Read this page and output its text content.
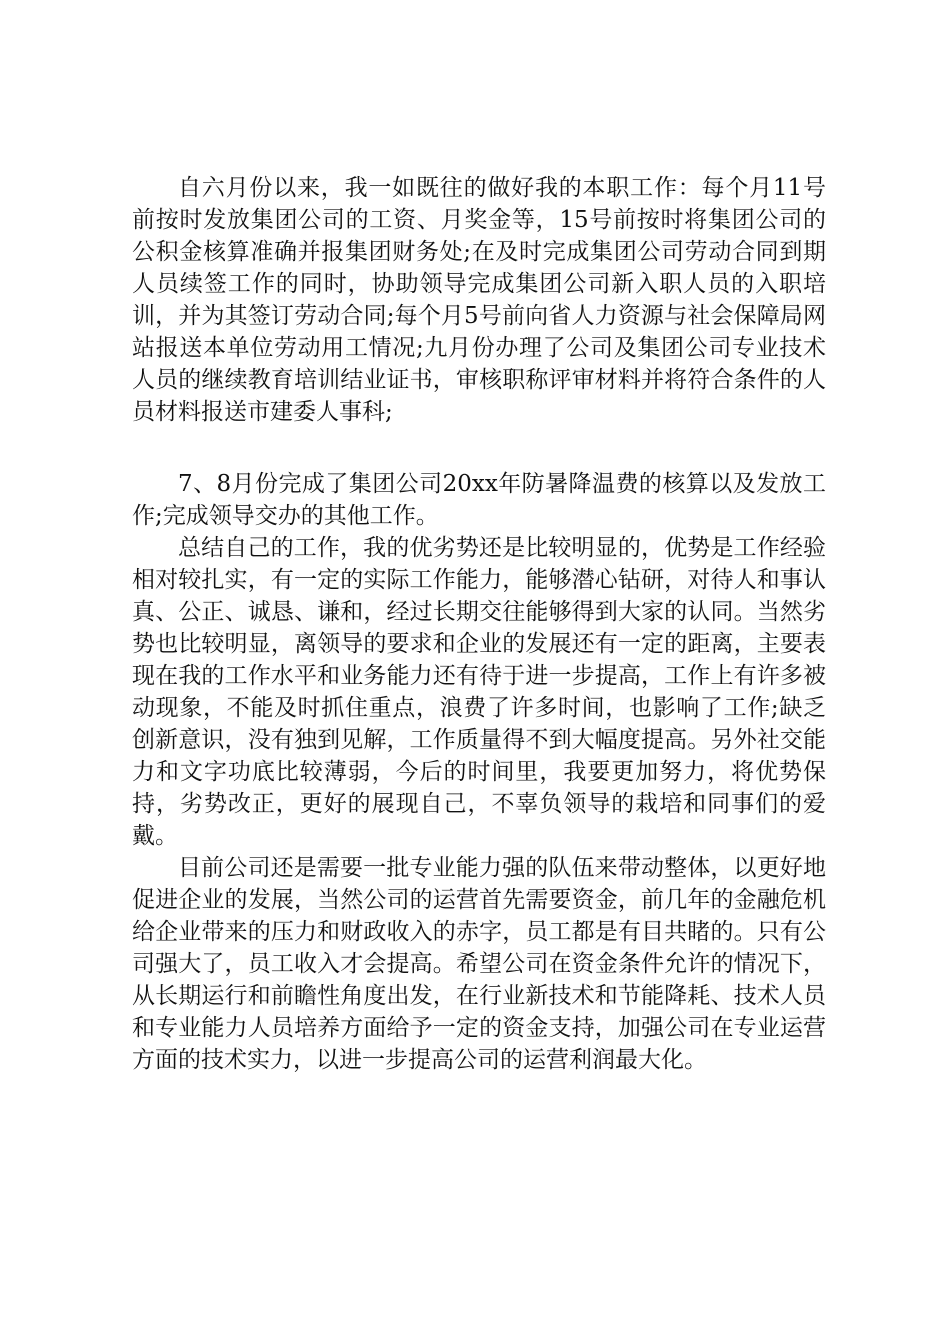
自六月份以来，我一如既往的做好我的本职工作：每个月11号前按时发放集团公司的工资、月奖金等，15号前按时将集团公司的公积金核算准确并报集团财务处;在及时完成集团公司劳动合同到期人员续签工作的同时，协助领导完成集团公司新入职人员的入职培训，并为其签订劳动合同;每个月5号前向省人力资源与社会保障局网站报送本单位劳动用工情况;九月份办理了公司及集团公司专业技术人员的继续教育培训结业证书，审核职称评审材料并将符合条件的人员材料报送市建委人事科;

7、8月份完成了集团公司20xx年防暑降温费的核算以及发放工作;完成领导交办的其他工作。

总结自己的工作，我的优劣势还是比较明显的，优势是工作经验相对较扎实，有一定的实际工作能力，能够潜心钻研，对待人和事认真、公正、诚恳、谦和，经过长期交往能够得到大家的认同。当然劣势也比较明显，离领导的要求和企业的发展还有一定的距离，主要表现在我的工作水平和业务能力还有待于进一步提高，工作上有许多被动现象，不能及时抓住重点，浪费了许多时间，也影响了工作;缺乏创新意识，没有独到见解，工作质量得不到大幅度提高。另外社交能力和文字功底比较薄弱，今后的时间里，我要更加努力，将优势保持，劣势改正，更好的展现自己，不辜负领导的栽培和同事们的爱戴。

目前公司还是需要一批专业能力强的队伍来带动整体，以更好地促进企业的发展，当然公司的运营首先需要资金，前几年的金融危机给企业带来的压力和财政收入的赤字，员工都是有目共睹的。只有公司强大了，员工收入才会提高。希望公司在资金条件允许的情况下，从长期运行和前瞻性角度出发，在行业新技术和节能降耗、技术人员和专业能力人员培养方面给予一定的资金支持，加强公司在专业运营方面的技术实力，以进一步提高公司的运营利润最大化。
